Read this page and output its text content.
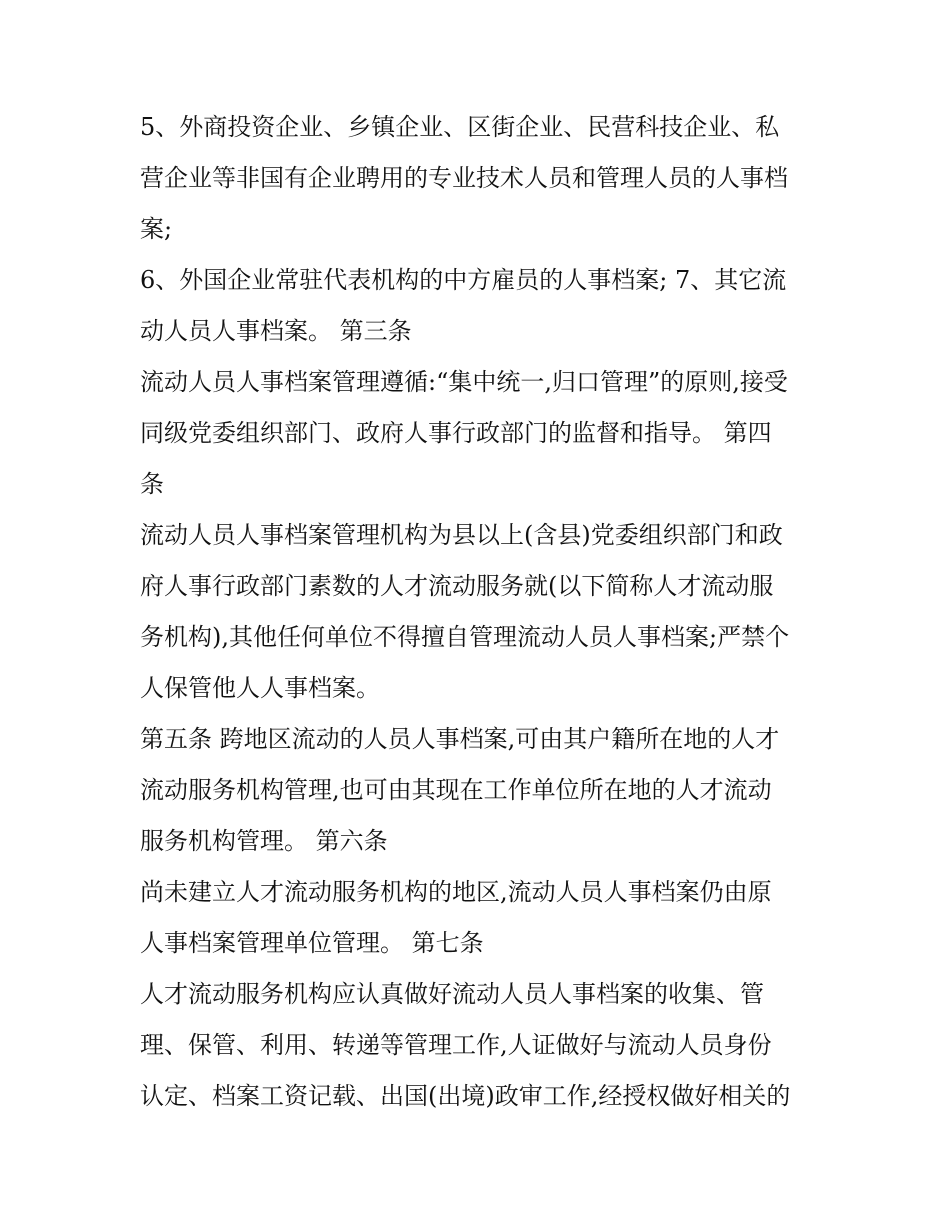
5、外商投资企业、乡镇企业、区街企业、民营科技企业、私
营企业等非国有企业聘用的专业技术人员和管理人员的人事档
案;
6、外国企业常驻代表机构的中方雇员的人事档案; 7、其它流
动人员人事档案。 第三条
流动人员人事档案管理遵循:“集中统一,归口管理”的原则,接受
同级党委组织部门、政府人事行政部门的监督和指导。 第四
条
流动人员人事档案管理机构为县以上(含县)党委组织部门和政
府人事行政部门素数的人才流动服务就(以下简称人才流动服
务机构),其他任何单位不得擅自管理流动人员人事档案;严禁个
人保管他人人事档案。
第五条 跨地区流动的人员人事档案,可由其户籍所在地的人才
流动服务机构管理,也可由其现在工作单位所在地的人才流动
服务机构管理。 第六条
尚未建立人才流动服务机构的地区,流动人员人事档案仍由原
人事档案管理单位管理。 第七条
人才流动服务机构应认真做好流动人员人事档案的收集、管
理、保管、利用、转递等管理工作,人证做好与流动人员身份
认定、档案工资记载、出国(出境)政审工作,经授权做好相关的
